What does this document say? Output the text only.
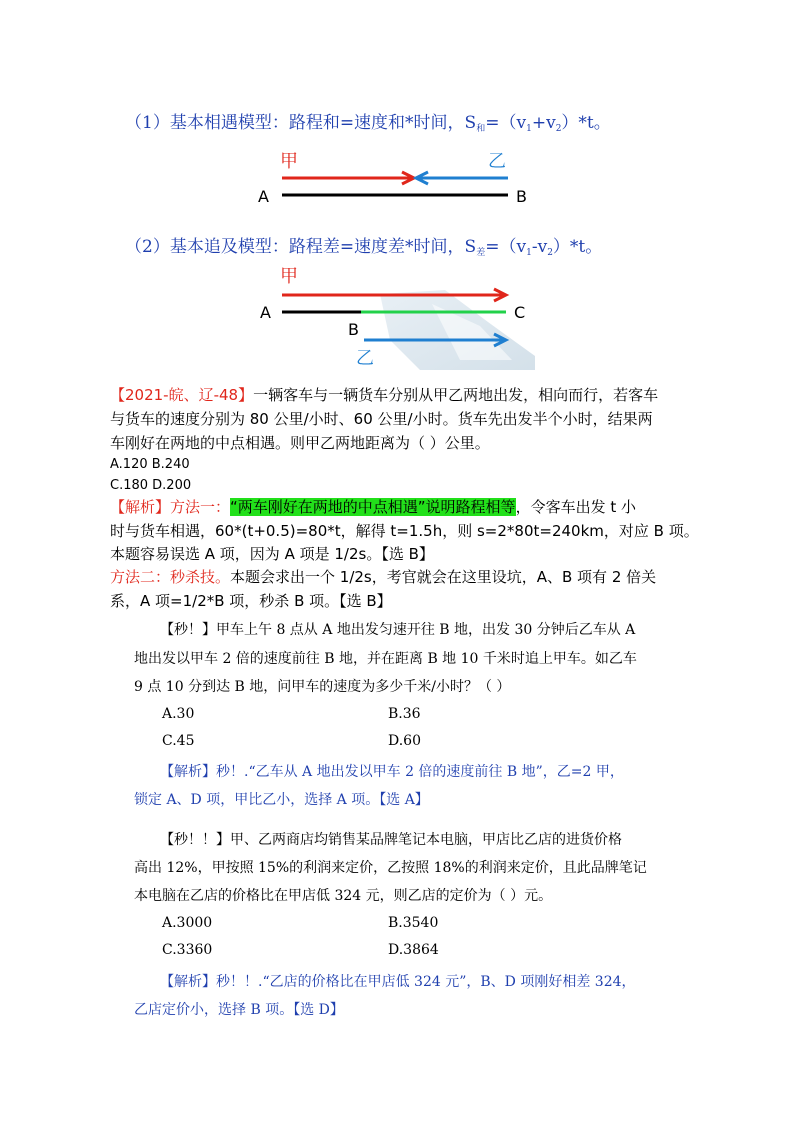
（1）基本相遇模型：路程和=速度和*时间，$S_和=(v_1+v_2)*t$。
甲	乙
A	B
（2）基本追及模型：路程差=速度差*时间，$S_差=(v_1-v_2)*t$。
甲
A	C
B
乙
【2021-皖、辽-48】一辆客车与一辆货车分别从甲乙两地出发，相向而行，若客车
与货车的速度分别为 80 公里/小时、60 公里/小时。货车先出发半个小时，结果两
车刚好在两地的中点相遇。则甲乙两地距离为（ ）公里。
A.120 B.240
C.180 D.200
【解析】方法一：“两车刚好在两地的中点相遇”说明路程相等，令客车出发 t 小
时与货车相遇，60*(t+0.5)=80*t，解得 t=1.5h，则 s=2*80t=240km，对应 B 项。
本题容易误选 A 项，因为 A 项是 1/2s。【选 B】
方法二：秒杀技。本题会求出一个 1/2s，考官就会在这里设坑，A、B 项有 2 倍关
系，A 项=1/2*B 项，秒杀 B 项。【选 B】
【秒！】甲车上午 8 点从 A 地出发匀速开往 B 地，出发 30 分钟后乙车从 A
地出发以甲车 2 倍的速度前往 B 地，并在距离 B 地 10 千米时追上甲车。如乙车
9 点 10 分到达 B 地，问甲车的速度为多少千米/小时？（ ）
A.30	B.36
C.45	D.60
【解析】秒！.“乙车从 A 地出发以甲车 2 倍的速度前往 B 地”，乙=2 甲，
锁定 A、D 项，甲比乙小，选择 A 项。【选 A】
【秒！！】甲、乙两商店均销售某品牌笔记本电脑，甲店比乙店的进货价格
高出 12%，甲按照 15%的利润来定价，乙按照 18%的利润来定价，且此品牌笔记
本电脑在乙店的价格比在甲店低 324 元，则乙店的定价为（ ）元。
A.3000	B.3540
C.3360	D.3864
【解析】秒！！.“乙店的价格比在甲店低 324 元”，B、D 项刚好相差 324，
乙店定价小，选择 B 项。【选 D】
